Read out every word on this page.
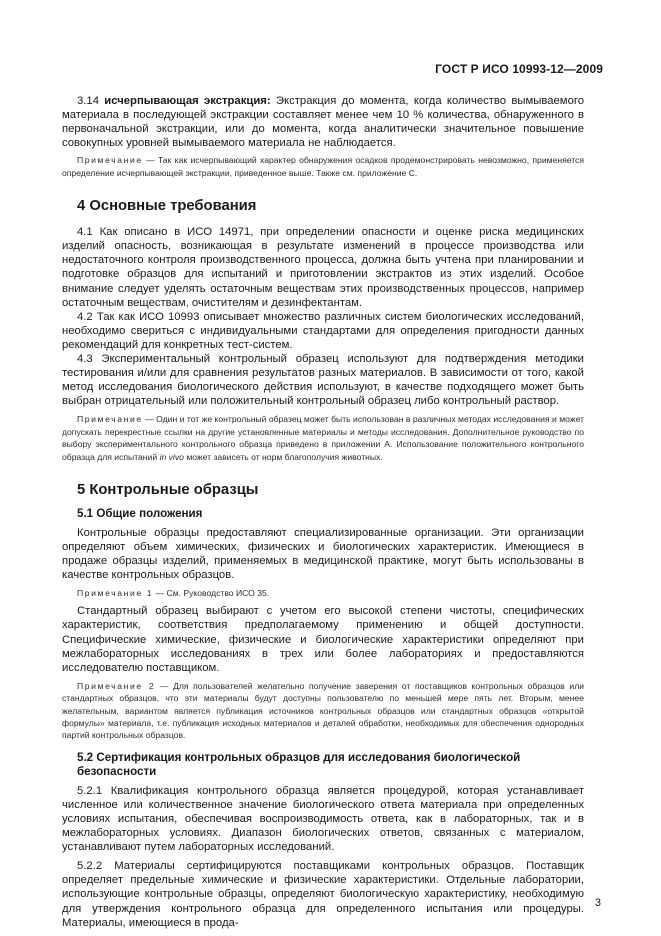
ГОСТ Р ИСО 10993-12—2009

3.14 исчерпывающая экстракция: Экстракция до момента, когда количество вымываемого материала в последующей экстракции составляет менее чем 10 % количества, обнаруженного в первоначальной экстракции, или до момента, когда аналитически значительное повышение совокупных уровней вымываемого материала не наблюдается.

Примечание — Так как исчерпывающий характер обнаружения осадков продемонстрировать невозможно, применяется определение исчерпывающей экстракции, приведенное выше. Также см. приложение С.

4 Основные требования

4.1 Как описано в ИСО 14971, при определении опасности и оценке риска медицинских изделий опасность, возникающая в результате изменений в процессе производства или недостаточного контроля производственного процесса, должна быть учтена при планировании и подготовке образцов для испытаний и приготовлении экстрактов из этих изделий. Особое внимание следует уделять остаточным веществам этих производственных процессов, например остаточным веществам, очистителям и дезинфектантам.

4.2 Так как ИСО 10993 описывает множество различных систем биологических исследований, необходимо свериться с индивидуальными стандартами для определения пригодности данных рекомендаций для конкретных тест-систем.

4.3 Экспериментальный контрольный образец используют для подтверждения методики тестирования и/или для сравнения результатов разных материалов. В зависимости от того, какой метод исследования биологического действия используют, в качестве подходящего может быть выбран отрицательный или положительный контрольный образец либо контрольный раствор.

Примечание — Один и тот же контрольный образец может быть использован в различных методах исследования и может допускать перекрестные ссылки на другие установленные материалы и методы исследования. Дополнительное руководство по выбору экспериментального контрольного образца приведено в приложении А. Использование положительного контрольного образца для испытаний in vivo может зависеть от норм благополучия животных.

5 Контрольные образцы

5.1 Общие положения

Контрольные образцы предоставляют специализированные организации. Эти организации определяют объем химических, физических и биологических характеристик. Имеющиеся в продаже образцы изделий, применяемых в медицинской практике, могут быть использованы в качестве контрольных образцов.

Примечание 1 — См. Руководство ИСО 35.

Стандартный образец выбирают с учетом его высокой степени чистоты, специфических характеристик, соответствия предполагаемому применению и общей доступности. Специфические химические, физические и биологические характеристики определяют при межлабораторных исследованиях в трех или более лабораториях и предоставляются исследователю поставщиком.

Примечание 2 — Для пользователей желательно получение заверения от поставщиков контрольных образцов или стандартных образцов, что эти материалы будут доступны пользователю по меньшей мере пять лет. Вторым, менее желательным, вариантом является публикация источников контрольных образцов или стандартных образцов «открытой формулы» материала, т.е. публикация исходных материалов и деталей обработки, необходимых для обеспечения однородных партий контрольных образцов.

5.2 Сертификация контрольных образцов для исследования биологической безопасности

5.2.1 Квалификация контрольного образца является процедурой, которая устанавливает численное или количественное значение биологического ответа материала при определенных условиях испытания, обеспечивая воспроизводимость ответа, как в лабораторных, так и в межлабораторных условиях. Диапазон биологических ответов, связанных с материалом, устанавливают путем лабораторных исследований.

5.2.2 Материалы сертифицируются поставщиками контрольных образцов. Поставщик определяет предельные химические и физические характеристики. Отдельные лаборатории, использующие контрольные образцы, определяют биологическую характеристику, необходимую для утверждения контрольного образца для определенного испытания или процедуры. Материалы, имеющиеся в прода-

3
